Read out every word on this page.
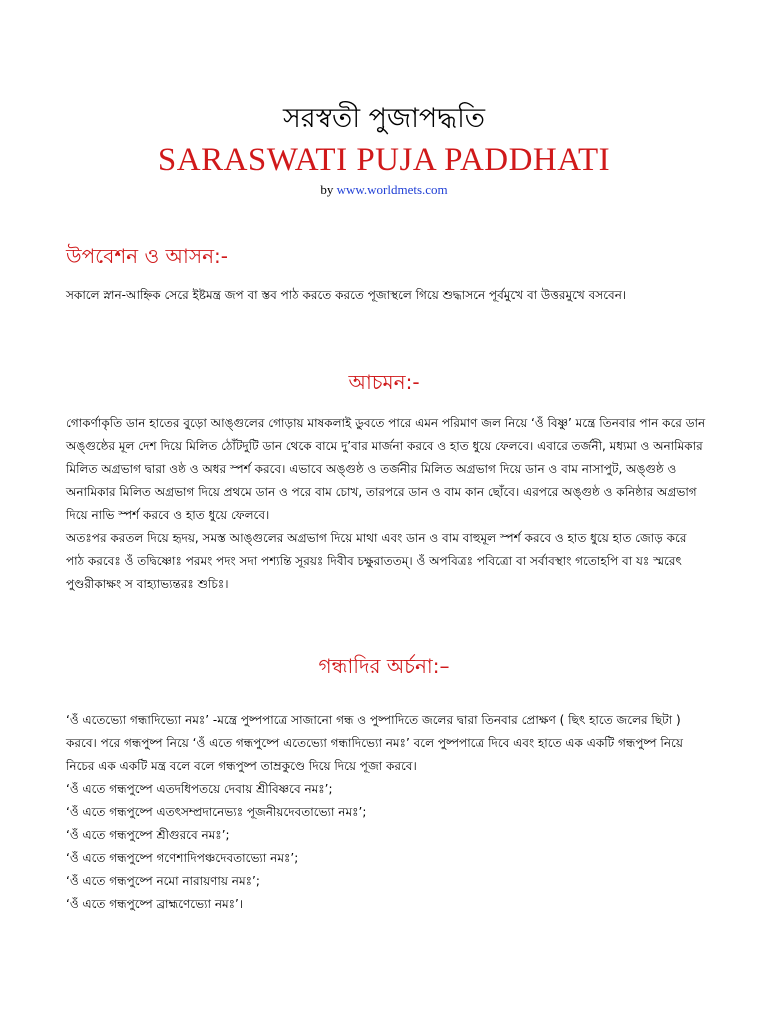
সরস্বতী পুজাপদ্ধতি
SARASWATI PUJA PADDHATI
by www.worldmets.com
উপবেশন ও আসন:-

সকালে স্নান-আহ্নিক সেরে ইষ্টমন্ত্র জপ বা স্তব পাঠ করতে করতে পূজাস্থলে গিয়ে শুদ্ধাসনে পূর্বমুখে বা উত্তরমুখে বসবেন।

আচমন:-

গোকর্ণাকৃতি ডান হাতের বুড়ো আঙ্গুলের গোড়ায় মাষকলাই ডুবতে পারে এমন পরিমাণ জল নিয়ে ‘ওঁ বিষ্ণু’ মন্ত্রে তিনবার পান করে ডান অঙ্গুষ্ঠের মূল দেশ দিয়ে মিলিত ঠোঁটদুটি ডান থেকে বামে দু’বার মার্জনা করবে ও হাত ধুয়ে ফেলবে। এবারে তর্জনী, মধ্যমা ও অনামিকার মিলিত অগ্রভাগ দ্বারা ওষ্ঠ ও অধর স্পর্শ করবে। এভাবে অঙ্গুষ্ঠ ও তর্জনীর মিলিত অগ্রভাগ দিয়ে ডান ও বাম নাসাপুট, অঙ্গুষ্ঠ ও অনামিকার মিলিত অগ্রভাগ দিয়ে প্রথমে ডান ও পরে বাম চোখ, তারপরে ডান ও বাম কান ছোঁবে। এরপরে অঙ্গুষ্ঠ ও কনিষ্ঠার অগ্রভাগ দিয়ে নাভি স্পর্শ করবে ও হাত ধুয়ে ফেলবে।

অতঃপর করতল দিয়ে হৃদয়, সমস্ত আঙ্গুলের অগ্রভাগ দিয়ে মাথা এবং ডান ও বাম বাহুমূল স্পর্শ করবে ও হাত ধুয়ে হাত জোড় করে পাঠ করবেঃ ওঁ তদ্বিষ্ণোঃ পরমং পদং সদা পশ্যন্তি সূরয়ঃ দিবীব চক্ষুরাততম্‌। ওঁ অপবিত্রঃ পবিত্রো বা সর্বাবস্থাং গতোহপি বা যঃ স্মরেৎ পুণ্ডরীকাক্ষং স বাহ্যাভ্যন্তরঃ শুচিঃ।

গন্ধাদির অর্চনা:–

‘ওঁ এতেভ্যো গন্ধাদিভ্যো নমঃ’ -মন্ত্রে পুষ্পপাত্রে সাজানো গন্ধ ও পুষ্পাদিতে জলের দ্বারা তিনবার প্রোক্ষণ ( ছিৎ হাতে জলের ছিটা ) করবে। পরে গন্ধপুষ্প নিয়ে ‘ওঁ এতে গন্ধপুষ্পে এতেভ্যো গন্ধাদিভ্যো নমঃ’ বলে পুষ্পপাত্রে দিবে এবং হাতে এক একটি গন্ধপুষ্প নিয়ে নিচের এক একটি মন্ত্র বলে বলে গন্ধপুষ্প তাম্রকুণ্ডে দিয়ে দিয়ে পূজা করবে।

‘ওঁ এতে গন্ধপুষ্পে এতদধিপতয়ে দেবায় শ্রীবিষ্ণবে নমঃ’;

‘ওঁ এতে গন্ধপুষ্পে এতৎসম্প্রদানেভ্যঃ পূজনীয়দেবতাভ্যো নমঃ’;

‘ওঁ এতে গন্ধপুষ্পে শ্রীগুরবে নমঃ’;

‘ওঁ এতে গন্ধপুষ্পে গণেশাদিপঞ্চদেবতাভ্যো নমঃ’;

‘ওঁ এতে গন্ধপুষ্পে নমো নারায়ণায় নমঃ’;

‘ওঁ এতে গন্ধপুষ্পে ব্রাহ্মণেভ্যো নমঃ’।
